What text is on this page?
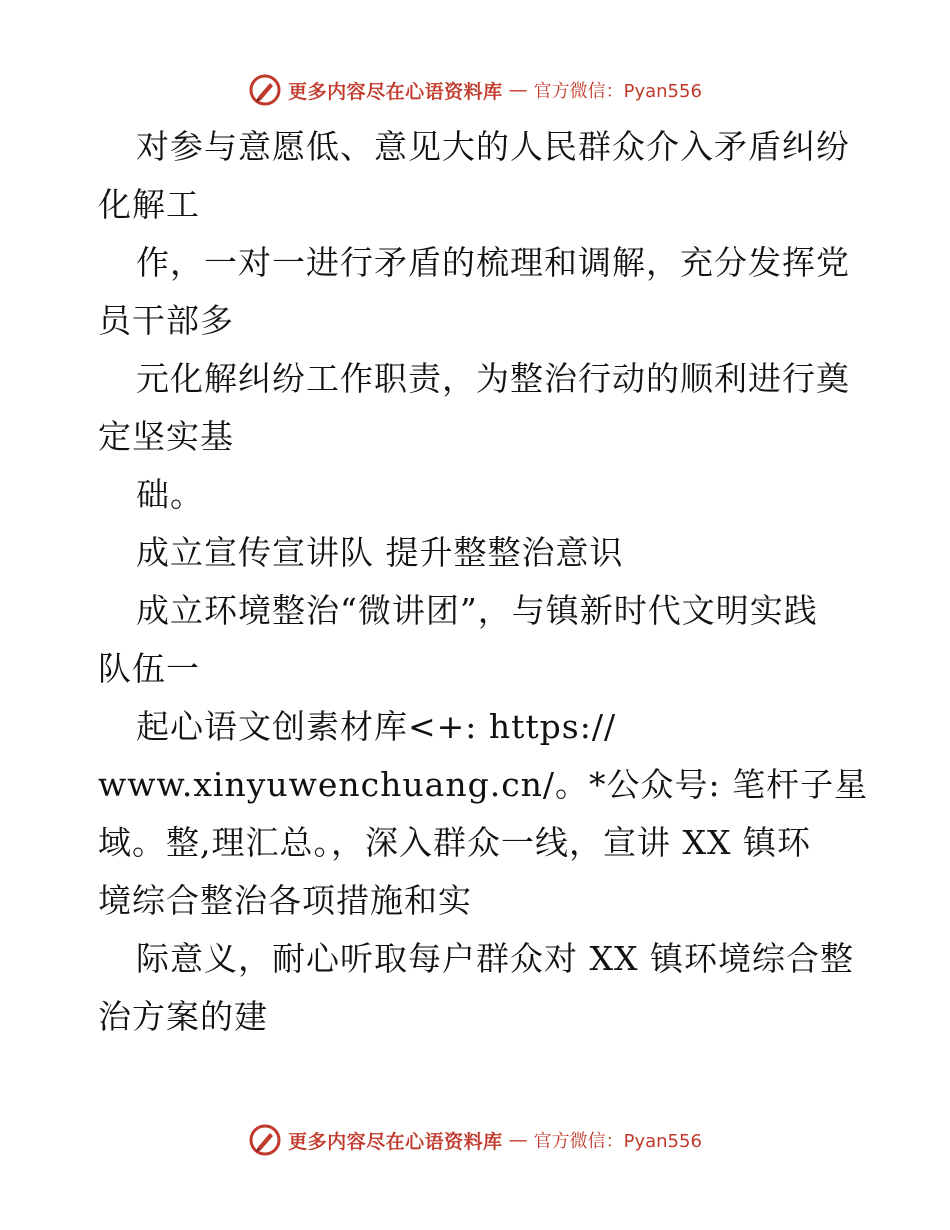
更多内容尽在心语资料库 — 官方微信：Pyan556
对参与意愿低、意见大的人民群众介入矛盾纠纷
化解工
作，一对一进行矛盾的梳理和调解，充分发挥党
员干部多
元化解纠纷工作职责，为整治行动的顺利进行奠
定坚实基
础。
成立宣传宣讲队 提升整整治意识
成立环境整治“微讲团”，与镇新时代文明实践
队伍一
起心语文创素材库<+: https://
www.xinyuwenchuang.cn/。*公众号: 笔杆子星
域。整,理汇总。，深入群众一线，宣讲 XX 镇环
境综合整治各项措施和实
际意义，耐心听取每户群众对 XX 镇环境综合整
治方案的建
更多内容尽在心语资料库 — 官方微信：Pyan556
